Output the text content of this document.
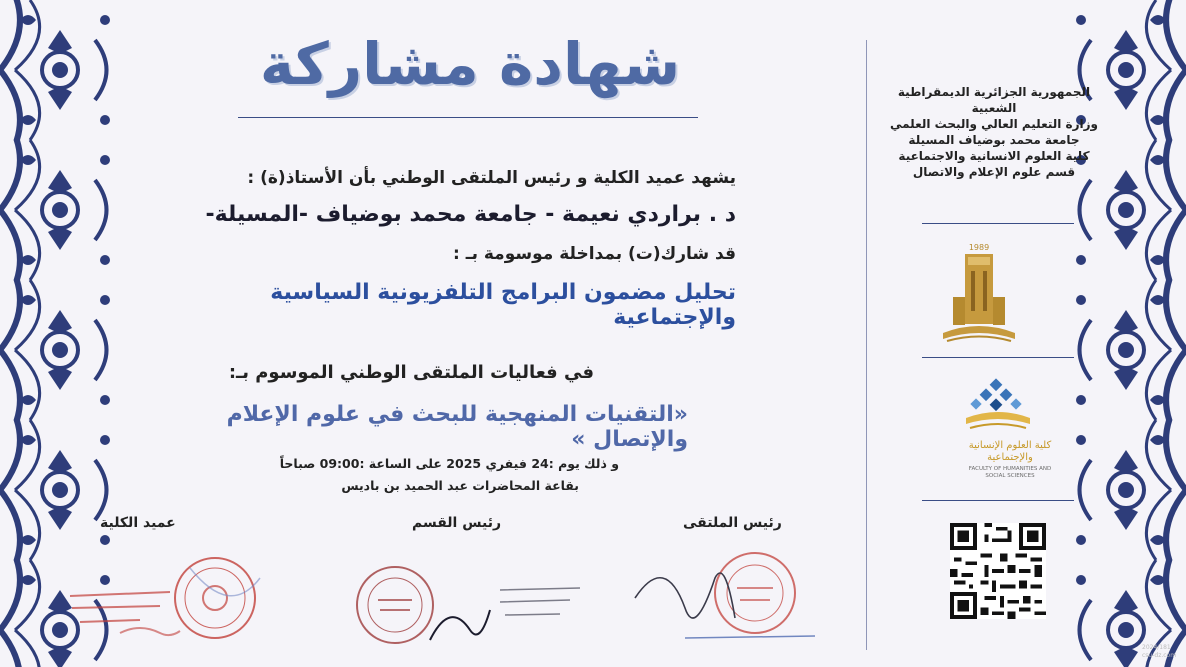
شهادة مشاركة
يشهد عميد الكلية و رئيس الملتقى الوطني بأن الأستاذ(ة) :
د . براردي نعيمة - جامعة محمد بوضياف -المسيلة-
قد شارك(ت) بمداخلة موسومة بـ :
تحليل مضمون البرامج التلفزيونية السياسية والإجتماعية
في فعاليات الملتقى الوطني الموسوم بـ:
«التقنيات المنهجية للبحث في علوم الإعلام والإتصال »
و ذلك يوم :24 فيفري 2025 على الساعة :09:00 صباحاً
بقاعة المحاضرات عبد الحميد بن باديس
عميد الكلية	رئيس القسم	رئيس الملتقى
الجمهورية الجزائرية الديمقراطية الشعبية
وزارة التعليم العالي والبحث العلمي
جامعة محمد بوضياف المسيلة
كلية العلوم الانسانية والاجتماعية
قسم علوم الإعلام والاتصال
1989
كلية العلوم الإنسانية والإجتماعية
FACULTY OF HUMANITIES AND SOCIAL SCIENCES
2024/181
csu-dz.com
